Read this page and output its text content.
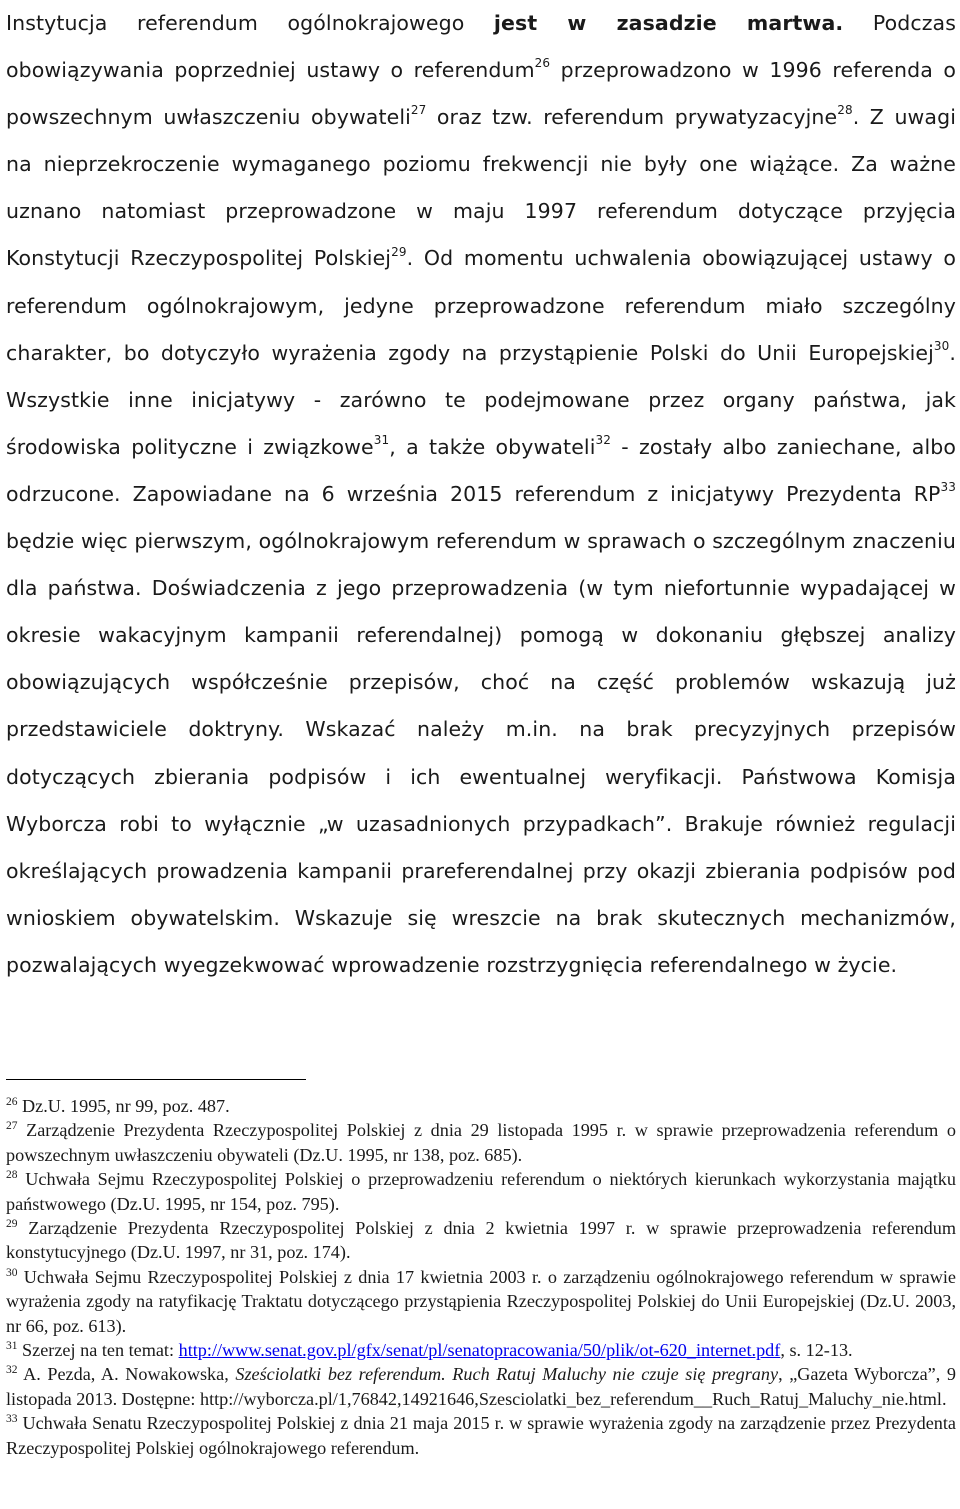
Instytucja referendum ogólnokrajowego jest w zasadzie martwa. Podczas obowiązywania poprzedniej ustawy o referendum$^{26}$ przeprowadzono w 1996 referenda o powszechnym uwłaszczeniu obywateli$^{27}$ oraz tzw. referendum prywatyzacyjne$^{28}$. Z uwagi na nieprzekroczenie wymaganego poziomu frekwencji nie były one wiążące. Za ważne uznano natomiast przeprowadzone w maju 1997 referendum dotyczące przyjęcia Konstytucji Rzeczypospolitej Polskiej$^{29}$. Od momentu uchwalenia obowiązującej ustawy o referendum ogólnokrajowym, jedyne przeprowadzone referendum miało szczególny charakter, bo dotyczyło wyrażenia zgody na przystąpienie Polski do Unii Europejskiej$^{30}$. Wszystkie inne inicjatywy - zarówno te podejmowane przez organy państwa, jak środowiska polityczne i związkowe$^{31}$, a także obywateli$^{32}$ - zostały albo zaniechane, albo odrzucone. Zapowiadane na 6 września 2015 referendum z inicjatywy Prezydenta RP$^{33}$ będzie więc pierwszym, ogólnokrajowym referendum w sprawach o szczególnym znaczeniu dla państwa. Doświadczenia z jego przeprowadzenia (w tym niefortunnie wypadającej w okresie wakacyjnym kampanii referendalnej) pomogą w dokonaniu głębszej analizy obowiązujących współcześnie przepisów, choć na część problemów wskazują już przedstawiciele doktryny. Wskazać należy m.in. na brak precyzyjnych przepisów dotyczących zbierania podpisów i ich ewentualnej weryfikacji. Państwowa Komisja Wyborcza robi to wyłącznie „w uzasadnionych przypadkach”. Brakuje również regulacji określających prowadzenia kampanii prareferendalnej przy okazji zbierania podpisów pod wnioskiem obywatelskim. Wskazuje się wreszcie na brak skutecznych mechanizmów, pozwalających wyegzekwować wprowadzenie rozstrzygnięcia referendalnego w życie.

$^{26}$ Dz.U. 1995, nr 99, poz. 487.

$^{27}$ Zarządzenie Prezydenta Rzeczypospolitej Polskiej z dnia 29 listopada 1995 r. w sprawie przeprowadzenia referendum o powszechnym uwłaszczeniu obywateli (Dz.U. 1995, nr 138, poz. 685).

$^{28}$ Uchwała Sejmu Rzeczypospolitej Polskiej o przeprowadzeniu referendum o niektórych kierunkach wykorzystania majątku państwowego (Dz.U. 1995, nr 154, poz. 795).

$^{29}$ Zarządzenie Prezydenta Rzeczypospolitej Polskiej z dnia 2 kwietnia 1997 r. w sprawie przeprowadzenia referendum konstytucyjnego (Dz.U. 1997, nr 31, poz. 174).

$^{30}$ Uchwała Sejmu Rzeczypospolitej Polskiej z dnia 17 kwietnia 2003 r. o zarządzeniu ogólnokrajowego referendum w sprawie wyrażenia zgody na ratyfikację Traktatu dotyczącego przystąpienia Rzeczypospolitej Polskiej do Unii Europejskiej (Dz.U. 2003, nr 66, poz. 613).

$^{31}$ Szerzej na ten temat: http://www.senat.gov.pl/gfx/senat/pl/senatopracowania/50/plik/ot-620_internet.pdf, s. 12-13.

$^{32}$ A. Pezda, A. Nowakowska, Sześciolatki bez referendum. Ruch Ratuj Maluchy nie czuje się pregrany, „Gazeta Wyborcza”, 9 listopada 2013. Dostępne: http://wyborcza.pl/1,76842,14921646,Szesciolatki_bez_referendum__Ruch_Ratuj_Maluchy_nie.html.

$^{33}$ Uchwała Senatu Rzeczypospolitej Polskiej z dnia 21 maja 2015 r. w sprawie wyrażenia zgody na zarządzenie przez Prezydenta Rzeczypospolitej Polskiej ogólnokrajowego referendum.
